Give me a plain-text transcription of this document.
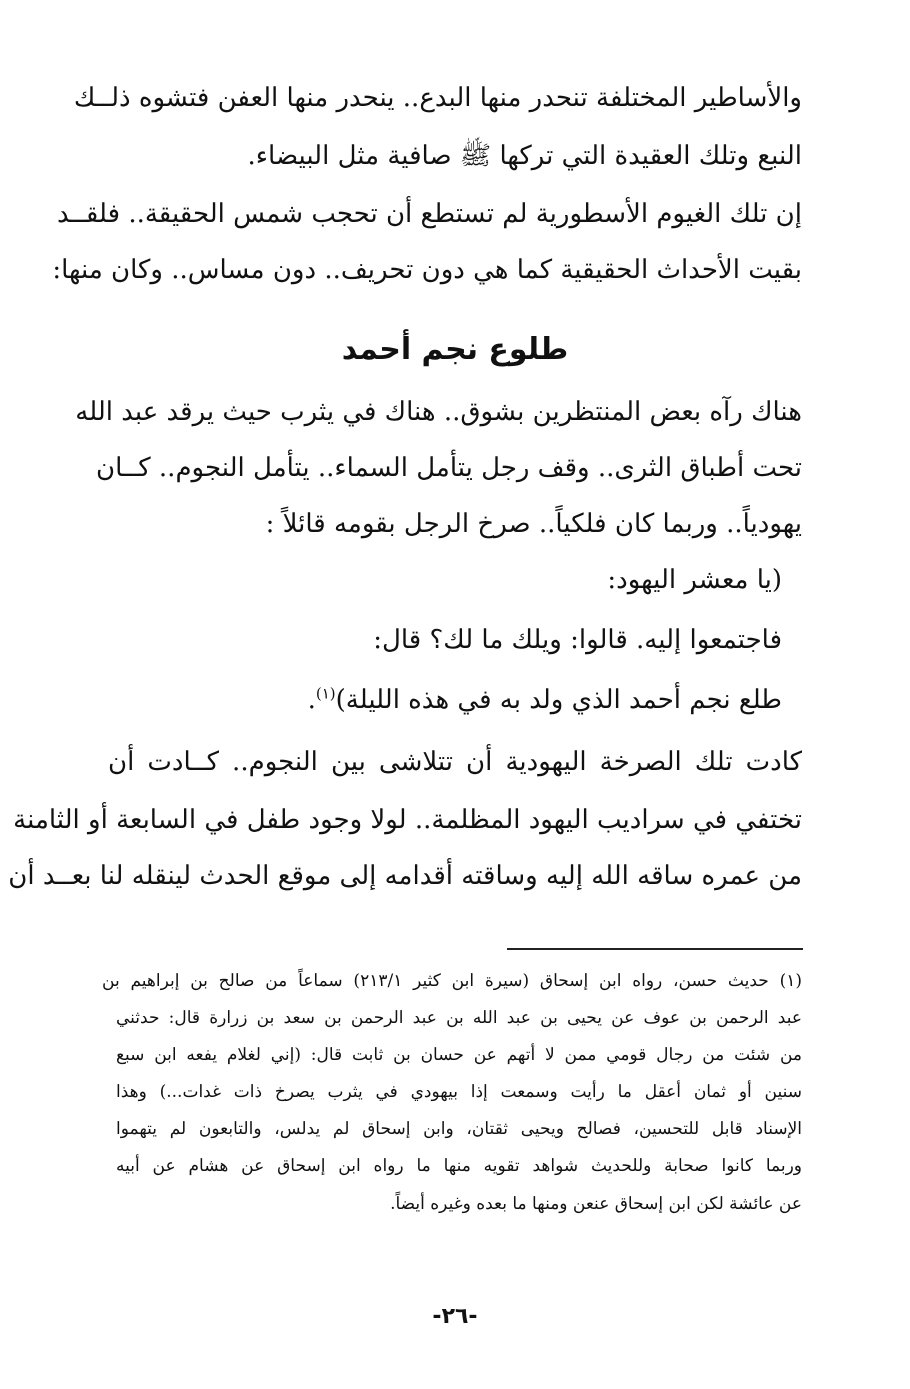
والأساطير المختلفة تنحدر منها البدع.. ينحدر منها العفن فتشوه ذلــك
النبع وتلك العقيدة التي تركها ﷺ صافية مثل البيضاء.
إن تلك الغيوم الأسطورية لم تستطع أن تحجب شمس الحقيقة.. فلقــد
بقيت الأحداث الحقيقية كما هي دون تحريف.. دون مساس.. وكان منها:
طلوع نجم أحمد
هناك رآه بعض المنتظرين بشوق.. هناك في يثرب حيث يرقد عبد الله
تحت أطباق الثرى.. وقف رجل يتأمل السماء.. يتأمل النجوم.. كــان
يهودياً.. وربما كان فلكياً.. صرخ الرجل بقومه قائلاً :
(يا معشر اليهود:
فاجتمعوا إليه. قالوا: ويلك ما لك؟ قال:
طلع نجم أحمد الذي ولد به في هذه الليلة)$^{(١)}$.
كادت تلك الصرخة اليهودية أن تتلاشى بين النجوم.. كــادت أن
تختفي في سراديب اليهود المظلمة.. لولا وجود طفل في السابعة أو الثامنة
من عمره ساقه الله إليه وساقته أقدامه إلى موقع الحدث لينقله لنا بعــد أن
(١) حديث حسن، رواه ابن إسحاق (سيرة ابن كثير ٢١٣/١) سماعاً من صالح بن إبراهيم بن
عبد الرحمن بن عوف عن يحيى بن عبد الله بن عبد الرحمن بن سعد بن زرارة قال: حدثني
من شئت من رجال قومي ممن لا أتهم عن حسان بن ثابت قال: (إني لغلام يفعه ابن سبع
سنين أو ثمان أعقل ما رأيت وسمعت إذا بيهودي في يثرب يصرخ ذات غدات...) وهذا
الإسناد قابل للتحسين، فصالح ويحيى ثقتان، وابن إسحاق لم يدلس، والتابعون لم يتهموا
وربما كانوا صحابة وللحديث شواهد تقويه منها ما رواه ابن إسحاق عن هشام عن أبيه
عن عائشة لكن ابن إسحاق عنعن ومنها ما بعده وغيره أيضاً.
-٢٦-
